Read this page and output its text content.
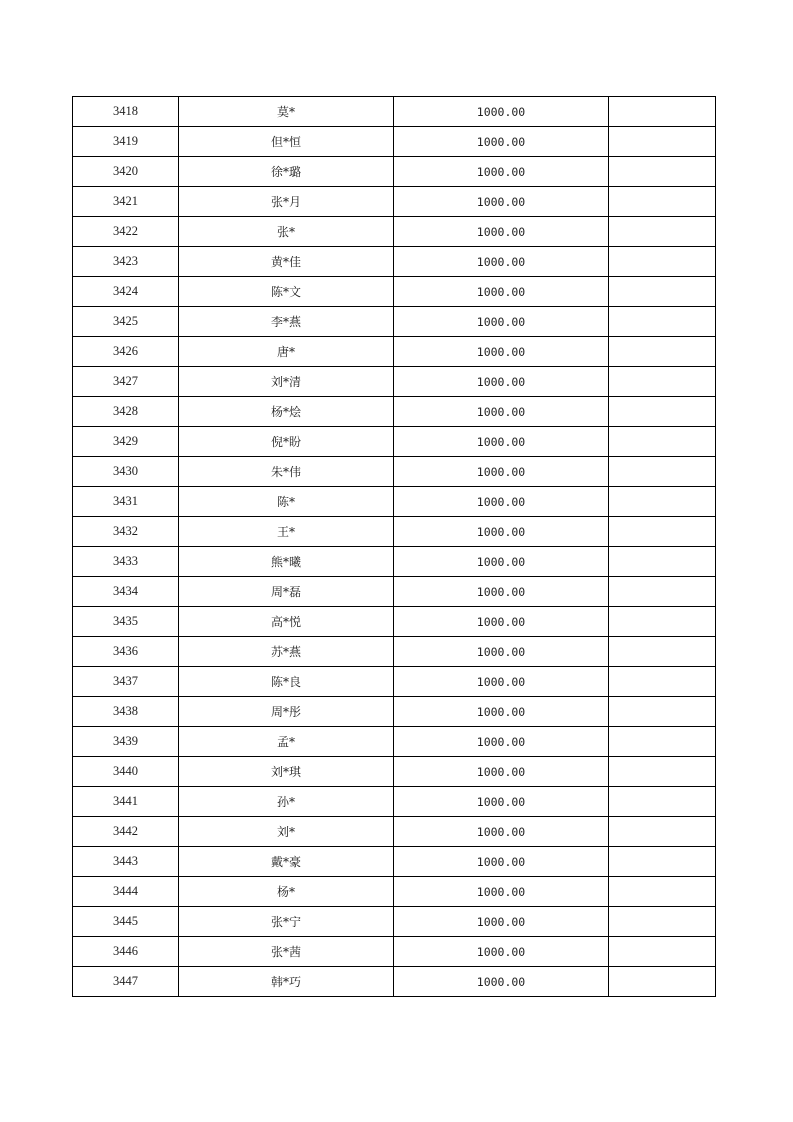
3418	莫*	1000.00	
3419	但*恒	1000.00	
3420	徐*璐	1000.00	
3421	张*月	1000.00	
3422	张*	1000.00	
3423	黄*佳	1000.00	
3424	陈*文	1000.00	
3425	李*燕	1000.00	
3426	唐*	1000.00	
3427	刘*清	1000.00	
3428	杨*烩	1000.00	
3429	倪*盼	1000.00	
3430	朱*伟	1000.00	
3431	陈*	1000.00	
3432	王*	1000.00	
3433	熊*曦	1000.00	
3434	周*磊	1000.00	
3435	高*悦	1000.00	
3436	苏*燕	1000.00	
3437	陈*良	1000.00	
3438	周*彤	1000.00	
3439	孟*	1000.00	
3440	刘*琪	1000.00	
3441	孙*	1000.00	
3442	刘*	1000.00	
3443	戴*豪	1000.00	
3444	杨*	1000.00	
3445	张*宁	1000.00	
3446	张*茜	1000.00	
3447	韩*巧	1000.00	
